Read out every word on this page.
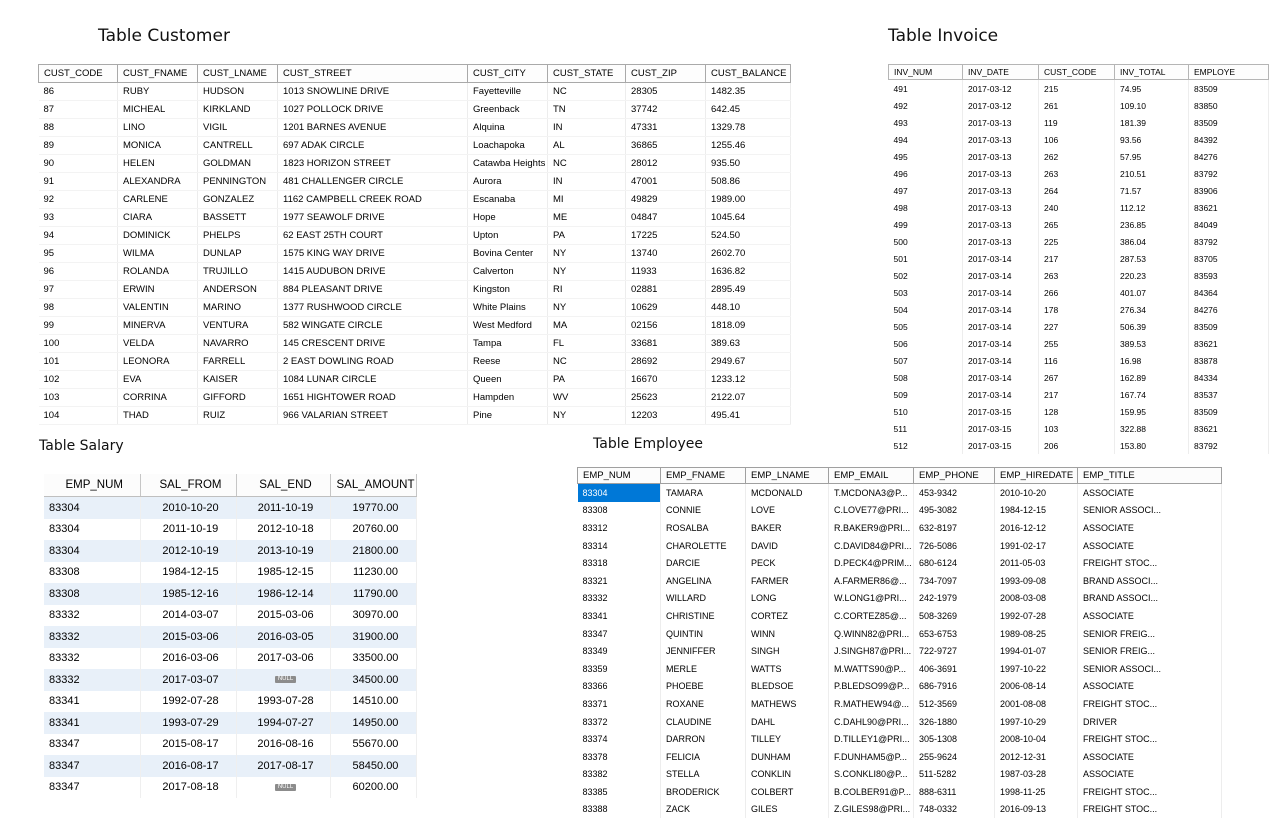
Table Customer	Table Invoice
Table Salary	Table Employee
CUST_CODE	CUST_FNAME	CUST_LNAME	CUST_STREET	CUST_CITY	CUST_STATE	CUST_ZIP	CUST_BALANCE
86	RUBY	HUDSON	1013 SNOWLINE DRIVE	Fayetteville	NC	28305	1482.35
87	MICHEAL	KIRKLAND	1027 POLLOCK DRIVE	Greenback	TN	37742	642.45
88	LINO	VIGIL	1201 BARNES AVENUE	Alquina	IN	47331	1329.78
89	MONICA	CANTRELL	697 ADAK CIRCLE	Loachapoka	AL	36865	1255.46
90	HELEN	GOLDMAN	1823 HORIZON STREET	Catawba Heights	NC	28012	935.50
91	ALEXANDRA	PENNINGTON	481 CHALLENGER CIRCLE	Aurora	IN	47001	508.86
92	CARLENE	GONZALEZ	1162 CAMPBELL CREEK ROAD	Escanaba	MI	49829	1989.00
93	CIARA	BASSETT	1977 SEAWOLF DRIVE	Hope	ME	04847	1045.64
94	DOMINICK	PHELPS	62 EAST 25TH COURT	Upton	PA	17225	524.50
95	WILMA	DUNLAP	1575 KING WAY DRIVE	Bovina Center	NY	13740	2602.70
96	ROLANDA	TRUJILLO	1415 AUDUBON DRIVE	Calverton	NY	11933	1636.82
97	ERWIN	ANDERSON	884 PLEASANT DRIVE	Kingston	RI	02881	2895.49
98	VALENTIN	MARINO	1377 RUSHWOOD CIRCLE	White Plains	NY	10629	448.10
99	MINERVA	VENTURA	582 WINGATE CIRCLE	West Medford	MA	02156	1818.09
100	VELDA	NAVARRO	145 CRESCENT DRIVE	Tampa	FL	33681	389.63
101	LEONORA	FARRELL	2 EAST DOWLING ROAD	Reese	NC	28692	2949.67
102	EVA	KAISER	1084 LUNAR CIRCLE	Queen	PA	16670	1233.12
103	CORRINA	GIFFORD	1651 HIGHTOWER ROAD	Hampden	WV	25623	2122.07
104	THAD	RUIZ	966 VALARIAN STREET	Pine	NY	12203	495.41
INV_NUM	INV_DATE	CUST_CODE	INV_TOTAL	EMPLOYE
491	2017-03-12	215	74.95	83509
492	2017-03-12	261	109.10	83850
493	2017-03-13	119	181.39	83509
494	2017-03-13	106	93.56	84392
495	2017-03-13	262	57.95	84276
496	2017-03-13	263	210.51	83792
497	2017-03-13	264	71.57	83906
498	2017-03-13	240	112.12	83621
499	2017-03-13	265	236.85	84049
500	2017-03-13	225	386.04	83792
501	2017-03-14	217	287.53	83705
502	2017-03-14	263	220.23	83593
503	2017-03-14	266	401.07	84364
504	2017-03-14	178	276.34	84276
505	2017-03-14	227	506.39	83509
506	2017-03-14	255	389.53	83621
507	2017-03-14	116	16.98	83878
508	2017-03-14	267	162.89	84334
509	2017-03-14	217	167.74	83537
510	2017-03-15	128	159.95	83509
511	2017-03-15	103	322.88	83621
512	2017-03-15	206	153.80	83792
EMP_NUM	SAL_FROM	SAL_END	SAL_AMOUNT
83304	2010-10-20	2011-10-19	19770.00
83304	2011-10-19	2012-10-18	20760.00
83304	2012-10-19	2013-10-19	21800.00
83308	1984-12-15	1985-12-15	11230.00
83308	1985-12-16	1986-12-14	11790.00
83332	2014-03-07	2015-03-06	30970.00
83332	2015-03-06	2016-03-05	31900.00
83332	2016-03-06	2017-03-06	33500.00
83332	2017-03-07	NULL	34500.00
83341	1992-07-28	1993-07-28	14510.00
83341	1993-07-29	1994-07-27	14950.00
83347	2015-08-17	2016-08-16	55670.00
83347	2016-08-17	2017-08-17	58450.00
83347	2017-08-18	NULL	60200.00
EMP_NUM	EMP_FNAME	EMP_LNAME	EMP_EMAIL	EMP_PHONE	EMP_HIREDATE	EMP_TITLE
83304	TAMARA	MCDONALD	T.MCDONA3@P...	453-9342	2010-10-20	ASSOCIATE
83308	CONNIE	LOVE	C.LOVE77@PRI...	495-3082	1984-12-15	SENIOR ASSOCI...
83312	ROSALBA	BAKER	R.BAKER9@PRI...	632-8197	2016-12-12	ASSOCIATE
83314	CHAROLETTE	DAVID	C.DAVID84@PRI...	726-5086	1991-02-17	ASSOCIATE
83318	DARCIE	PECK	D.PECK4@PRIM...	680-6124	2011-05-03	FREIGHT STOC...
83321	ANGELINA	FARMER	A.FARMER86@...	734-7097	1993-09-08	BRAND ASSOCI...
83332	WILLARD	LONG	W.LONG1@PRI...	242-1979	2008-03-08	BRAND ASSOCI...
83341	CHRISTINE	CORTEZ	C.CORTEZ85@...	508-3269	1992-07-28	ASSOCIATE
83347	QUINTIN	WINN	Q.WINN82@PRI...	653-6753	1989-08-25	SENIOR FREIG...
83349	JENNIFFER	SINGH	J.SINGH87@PRI...	722-9727	1994-01-07	SENIOR FREIG...
83359	MERLE	WATTS	M.WATTS90@P...	406-3691	1997-10-22	SENIOR ASSOCI...
83366	PHOEBE	BLEDSOE	P.BLEDSO99@P...	686-7916	2006-08-14	ASSOCIATE
83371	ROXANE	MATHEWS	R.MATHEW94@...	512-3569	2001-08-08	FREIGHT STOC...
83372	CLAUDINE	DAHL	C.DAHL90@PRI...	326-1880	1997-10-29	DRIVER
83374	DARRON	TILLEY	D.TILLEY1@PRI...	305-1308	2008-10-04	FREIGHT STOC...
83378	FELICIA	DUNHAM	F.DUNHAM5@P...	255-9624	2012-12-31	ASSOCIATE
83382	STELLA	CONKLIN	S.CONKLI80@P...	511-5282	1987-03-28	ASSOCIATE
83385	BRODERICK	COLBERT	B.COLBER91@P...	888-6311	1998-11-25	FREIGHT STOC...
83388	ZACK	GILES	Z.GILES98@PRI...	748-0332	2016-09-13	FREIGHT STOC...
